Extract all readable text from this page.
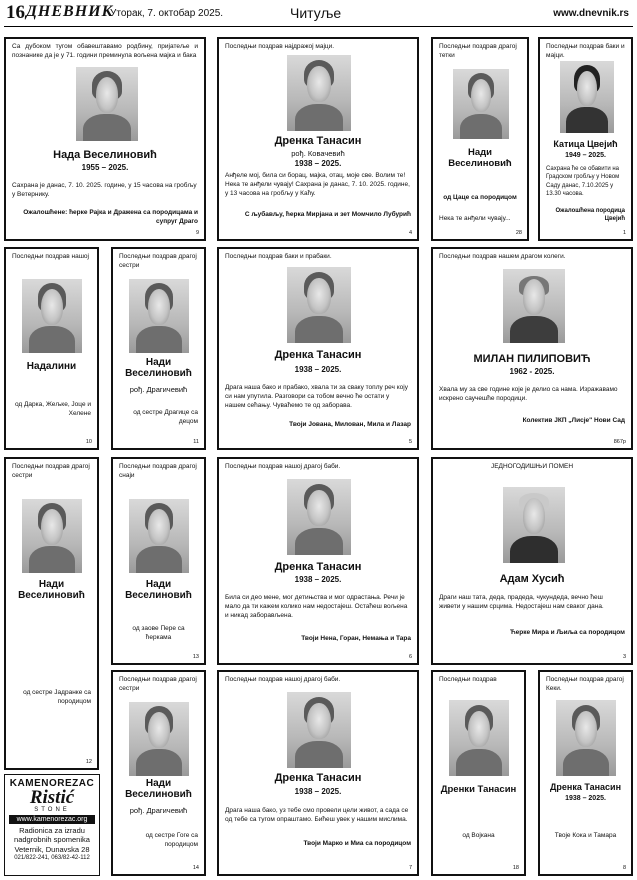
16 ДНЕВНИК
Уторак, 7. октобар 2025.	Читуље	www.dnevnik.rs
Са дубоком тугом обавештавамо родбину, пријатеље и познанике да је у 71. години преминула вољена мајка и бака
Нада Веселиновић
1955 – 2025.
Сахрана је данас, 7. 10. 2025. године, у 15 часова на гробљу у Ветернику.
Ожалошћене: ћерке Рајка и Дражена са породицама и супруг Драго
9
Последњи поздрав најдражој мајци.
Дренка Танасин
рођ. Ковачевић
1938 – 2025.
Анђеле мој, била си борац, мајка, отац, моје све. Волим те! Нека те анђели чувају! Сахрана је данас, 7. 10. 2025. године, у 13 часова на гробљу у Каћу.
С љубављу, ћерка Мирјана и зет Момчило Лубурић
4
Последњи поздрав драгој тетки
Нади Веселиновић
од Цаце са породицом
Нека те анђели чувају...
28
Последњи поздрав баки и мајци.
Катица Цвејић
1949 – 2025.
Сахрана ће се обавити на Градском гробљу у Новом Саду данас, 7.10.2025 у 13.30 часова.
Ожалошћена породица Цвејић
1
Последњи поздрав нашој
Надалини
од Дарка, Жељке, Јоце и Хелене
10
Последњи поздрав драгој сестри
Нади Веселиновић
рођ. Драгичевић
од сестре Драгице са децом
11
Последњи поздрав баки и прабаки.
Дренка Танасин
1938 – 2025.
Драга наша бако и прабако, хвала ти за сваку топлу реч коју си нам упутила. Разговори са тобом вечно ће остати у нашем сећању. Чуваћемо те од заборава.
Твоји Јована, Милован, Мила и Лазар
5
Последњи поздрав нашем драгом колеги.
МИЛАН ПИЛИПОВИЋ
1962 - 2025.
Хвала му за све године које је делио са нама. Изражавамо искрено саучешће породици.
Колектив ЈКП „Лисје" Нови Сад
867р
Последњи поздрав драгој сестри
Нади Веселиновић
од сестре Јадранке са породицом
12
Последњи поздрав драгој снаји
Нади Веселиновић
од заове Пере са ћеркама
13
Последњи поздрав нашој драгој баби.
Дренка Танасин
1938 – 2025.
Била си део мене, мог детињства и мог одрастања. Речи је мало да ти кажем колико нам недостајеш. Остаћеш вољена и никад заборављена.
Твоји Нена, Горан, Немања и Тара
6
ЈЕДНОГОДИШЊИ ПОМЕН
Адам Хусић
Драги наш тата, деда, прадеда, чукундеда, вечно ћеш живети у нашим срцима. Недостајеш нам сваког дана.
Ћерке Мира и Љиља са породицом
3
Последњи поздрав драгој сестри
Нади Веселиновић
рођ. Драгичевић
од сестре Гоге са породицом
14
Последњи поздрав нашој драгој баби.
Дренка Танасин
1938 – 2025.
Драга наша бако, уз тебе смо провели цели живот, а сада се од тебе са тугом опраштамо. Бићеш увек у нашим мислима.
Твоји Марко и Миа са породицом
7
Последњи поздрав
Дренки Танасин
од Војкана
18
Последњи поздрав драгој Кеки.
Дренка Танасин
1938 – 2025.
Твоје Кока и Тамара
8
KAMENOREZAC
Ristić
STONE
www.kamenorezac.org
Radionica za izradu nadgrobnih spomenika
Veternik, Dunavska 28
021/822-241, 063/82-42-112
